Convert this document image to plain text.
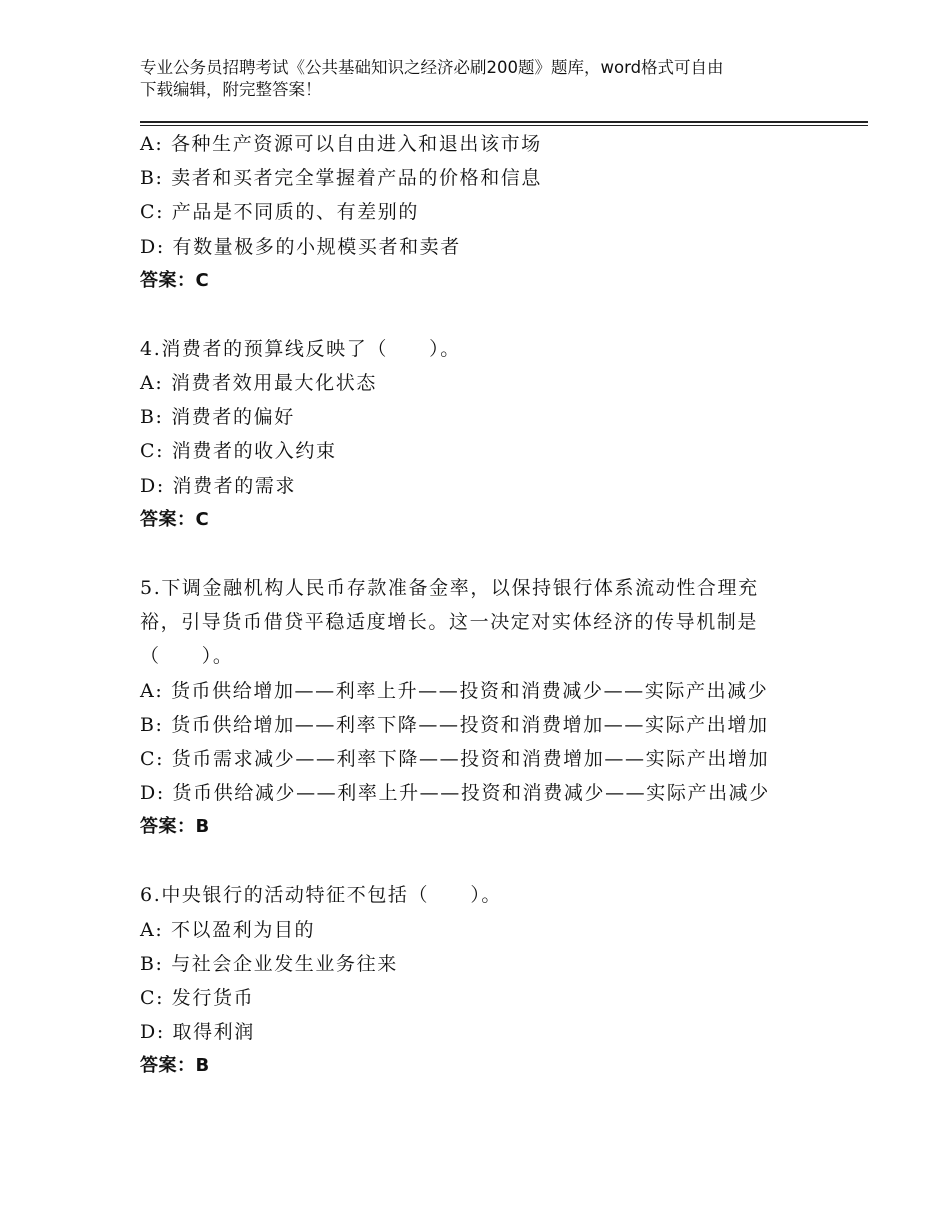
专业公务员招聘考试《公共基础知识之经济必刷200题》题库，word格式可自由
下载编辑，附完整答案！
A: 各种生产资源可以自由进入和退出该市场
B: 卖者和买者完全掌握着产品的价格和信息
C: 产品是不同质的、有差别的
D: 有数量极多的小规模买者和卖者
答案：C
4.消费者的预算线反映了（　　）。
A: 消费者效用最大化状态
B: 消费者的偏好
C: 消费者的收入约束
D: 消费者的需求
答案：C
5.下调金融机构人民币存款准备金率，以保持银行体系流动性合理充
裕，引导货币借贷平稳适度增长。这一决定对实体经济的传导机制是
（　　）。
A: 货币供给增加——利率上升——投资和消费减少——实际产出减少
B: 货币供给增加——利率下降——投资和消费增加——实际产出增加
C: 货币需求减少——利率下降——投资和消费增加——实际产出增加
D: 货币供给减少——利率上升——投资和消费减少——实际产出减少
答案：B
6.中央银行的活动特征不包括（　　）。
A: 不以盈利为目的
B: 与社会企业发生业务往来
C: 发行货币
D: 取得利润
答案：B
